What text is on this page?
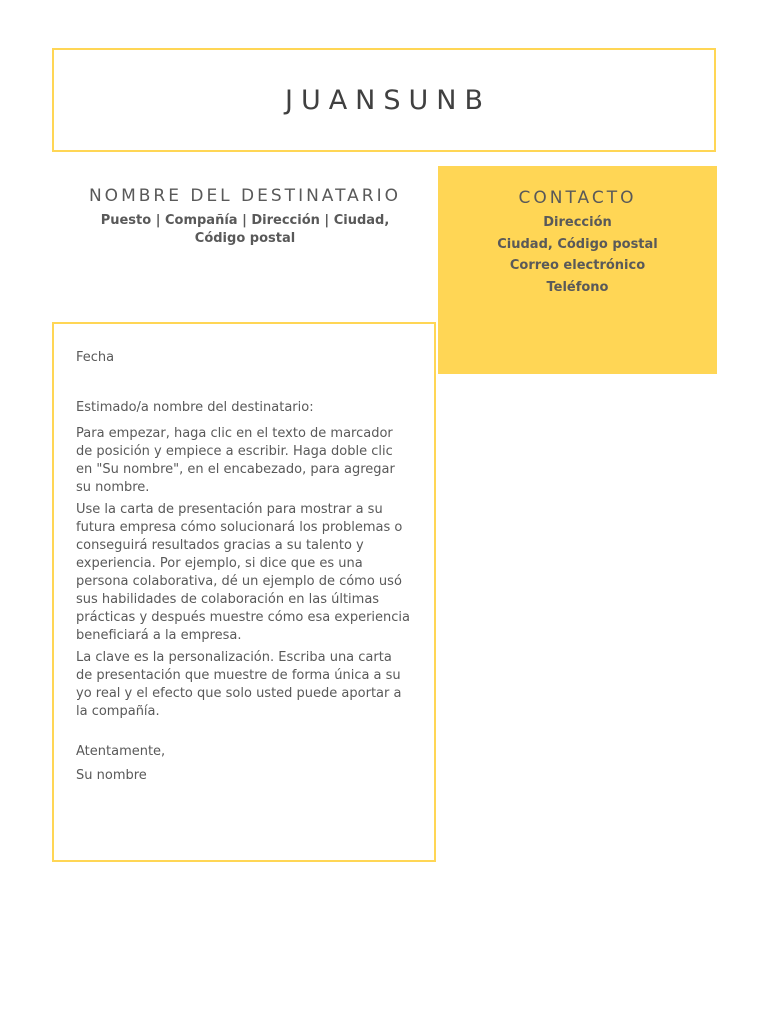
JUANSUNB
NOMBRE DEL DESTINATARIO
Puesto | Compañía | Dirección | Ciudad, Código postal
CONTACTO
Dirección
Ciudad, Código postal
Correo electrónico
Teléfono

Fecha

Estimado/a nombre del destinatario:

Para empezar, haga clic en el texto de marcador de posición y empiece a escribir. Haga doble clic en "Su nombre", en el encabezado, para agregar su nombre.

Use la carta de presentación para mostrar a su futura empresa cómo solucionará los problemas o conseguirá resultados gracias a su talento y experiencia. Por ejemplo, si dice que es una persona colaborativa, dé un ejemplo de cómo usó sus habilidades de colaboración en las últimas prácticas y después muestre cómo esa experiencia beneficiará a la empresa.

La clave es la personalización. Escriba una carta de presentación que muestre de forma única a su yo real y el efecto que solo usted puede aportar a la compañía.

Atentamente,

Su nombre
